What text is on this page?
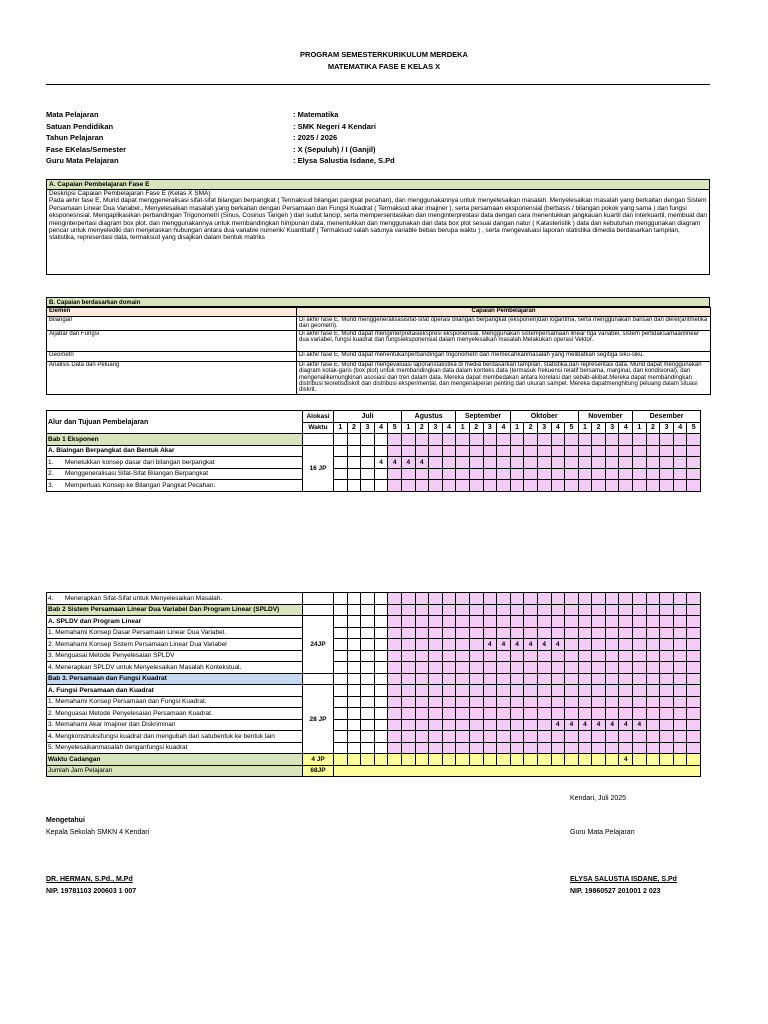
PROGRAM SEMESTERKURIKULUM MERDEKA
MATEMATIKA FASE E KELAS X
Mata Pelajaran	: Matematika
Satuan Pendidikan	: SMK Negeri 4 Kendari
Tahun Pelajaran	: 2025 / 2026
Fase EKelas/Semester	: X (Sepuluh) / I (Ganjil)
Guru Mata Pelajaran	: Elysa Salustia Isdane, S.Pd
A. Capaian Pembelajaran Fase E
Deskripsi Capaian Pembelajaran Fase E (Kelas X SMA)
Pada akhir fase E, Murid dapat menggeneralisasi sifat-sifat bilangan berpangkat ( Termaksud bilangan pangkat pecahan), dan menggunakannya untuk menyelesaikan masalah. Menyelesaikan masalah yang berkaitan dengan Sistem Persamaan Linear Dua Variabel., Menyelesaikan masalah yang berkaitan dengan Persamaan dan Fungsi Kuadrat ( Termaksud akar imajiner ), serta persamaan eksponensial (berbasis / bilangan pokok yang sama ) dan fungsi eksponesnsial. Mengaplikasikan perbandingan Trigonometri (Sinus, Cosinus Tangen ) dari sudut lancip, serta mempersentasikan dan menginterprestasi data dengan cara menentukkan jangkauan kuartil dan interkuartil, membuat dan menginterpertasi diagram box plot, dan menggunakannya untuk membandingkan himpunan data, menentukkan dan menggunakan dari data box plot sesuai dangan natur ( Katasteristik ) data dan kebutuhan menggunakan diagram pencar untuk menyelediki dan menjelaskan hubungan antara dua variable numerik/ Kuantitatif ( Termaksud salah satunya variable bebas berupa waktu ) , serta mengevaluasi laporan statistika dimedia berdasarkan tampilan, statistika, representasi data, termaksud yang disajikan dalam bentuk matriks
B. Capaian berdasarkan domain
Elemen	Capaian Pembelajaran
Bilangan	Di akhir fase E, Murid menggeneralisasisifat-sifat operasi bilangan berpangkat (eksponen)dan logaritma, serta menggunakan barisan dan deret(aritmetika dan geometri).
Aljabar dan Fungsi	Di akhir fase E, Murid dapat menginterpretasiekspresi eksponensial. Menggunakan sistempersamaan linear tiga variabel, sistem pertidaksamaanlinear dua variabel, fungsi kuadrat dan fungsieksponensial dalam menyelesaikan masalah.Melakukan operasi Vektor.
Geometri	Di akhir fase E, Murid dapat menentukanperbandingan trigonometri dan memecahkanmasalah yang melibatkan segitiga siku-siku.
Analisis Data dan Peluang	Di akhir fase E, Murid dapat mengevaluasi laporanstatistika di media berdasarkan tampilan, statistika,dan representasi data. Murid dapat menggunakan diagram kotak-garis (box plot) untuk membandingkan data dalam konteks data (termasuk frekuensi relatif bersama, marginal, dan kondisional), dan mengenalikemungkinan asosiasi dan tren dalam data. Mereka dapat membedakan antara korelasi dan sebab-akibat.Mereka dapat membandingkan distribusi teoretisdiskrit dan distribusi eksperimental, dan mengenalperan penting dari ukuran sampel. Mereka dapatmenghitung peluang dalam situasi diskrit.
Alur dan Tujuan Pembelajaran	Alokasi	Juli					Agustus				September				Oktober					November				Desember				
	Waktu	1	2	3	4	5	1	2	3	4	1	2	3	4	1	2	3	4	5	1	2	3	4	1	2	3	4	5
Bab 1 Eksponen																												
A. Bialngan Berpangkat dan Bentuk Akar	16 JP																											
1. Menetukkan konsep dasar dari bilangan berpangkat					4	4	4	4																				
2. Menggeneralisasi Sifat-Sifat Bilangan Berpangkat																												
3. Memperluas Konsep ke Bilangan Pangkat Pecahan.																												
4. Menerapkan Sifat-Sifat untuk Menyelesaikan Masalah.																												
Bab 2 Sistem Persamaan Linear Dua Variabel Dan Program Linear (SPLDV)																												
A. SPLDV dan Program Linear	24JP																											
1. Memahami Konsep Dasar Persamaan Linear Dua Variabel.																												
2. Memahami Konsep Sistem Persamaan Linear Dua Variabel													4	4	4	4	4	4										
3. Menguasai Metode Penyelesaian SPLDV																												
4. Menerapkan SPLDV untuk Menyelesaikan Masalah Kontekstual.																												
Bab 3. Persamaan dan Fungsi Kuadrat																												
A. Fungsi Persamaan dan Kuadrat	28 JP																											
1. Memahami Konsep Persamaan dan Fungsi Kuadrat.																												
2. Menguasai Metode Penyelesaian Persamaan Kuadrat.																												
3. Memahami Akar Imajiner dan Diskriminan																		4	4	4	4	4	4	4				
4. Mengkonstruksifungsi kuadrat dan mengubah dari satubentuk ke bentuk lain																												
5. Menyelesaikanmasalah denganfungsi kuadrat																												
Waktu Cadangan	4 JP																						4					
Jumlah Jam Pelajaran	68JP																											
Kendari, Juli 2025
Mengetahui
Kepala Sekolah SMKN 4 Kendari	Guru Mata Pelajaran
DR. HERMAN, S.Pd., M.Pd
NIP. 19781103 200603 1 007
ELYSA SALUSTIA ISDANE, S.Pd
NIP. 19860527 201001 2 023
